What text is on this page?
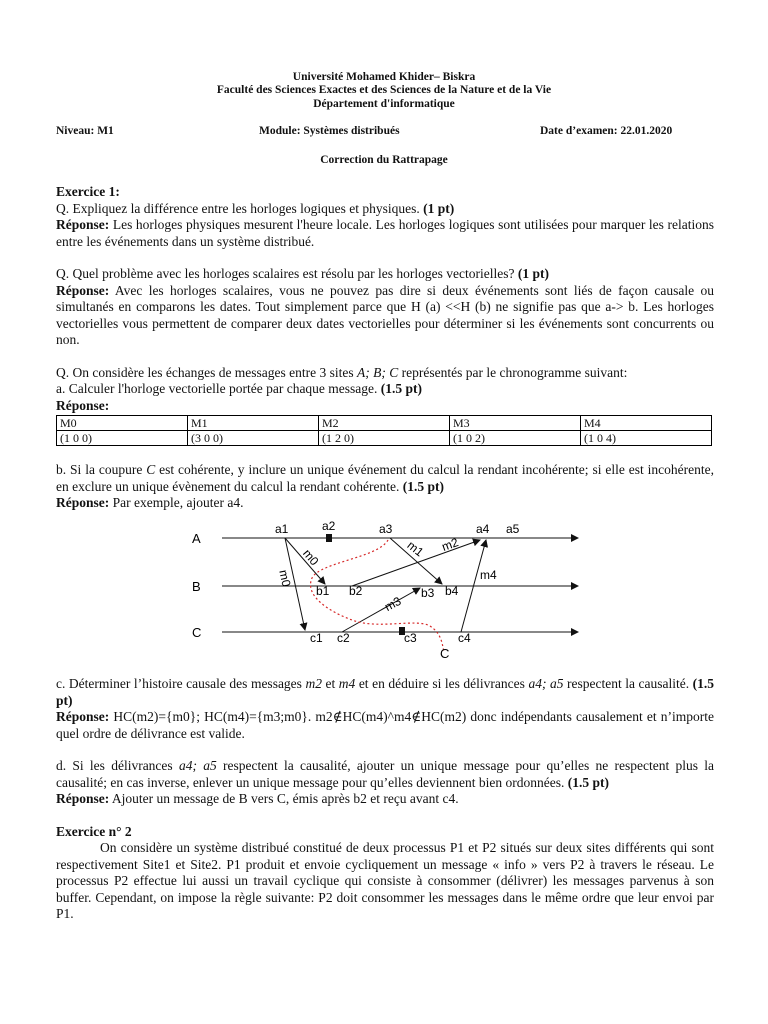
Université Mohamed Khider– Biskra
Faculté des Sciences Exactes et des Sciences de la Nature et de la Vie
Département d'informatique
Niveau: M1	Module: Systèmes distribués	Date d’examen: 22.01.2020
Correction du Rattrapage

Exercice 1:

Q. Expliquez la différence entre les horloges logiques et physiques. (1 pt)

Réponse: Les horloges physiques mesurent l'heure locale. Les horloges logiques sont utilisées pour marquer les relations entre les événements dans un système distribué.

Q. Quel problème avec les horloges scalaires est résolu par les horloges vectorielles? (1 pt)

Réponse: Avec les horloges scalaires, vous ne pouvez pas dire si deux événements sont liés de façon causale ou simultanés en comparons les dates. Tout simplement parce que H (a) <<H (b) ne signifie pas que a-> b. Les horloges vectorielles vous permettent de comparer deux dates vectorielles pour déterminer si les événements sont concurrents ou non.

Q. On considère les échanges de messages entre 3 sites A; B; C représentés par le chronogramme suivant:

a. Calculer l'horloge vectorielle portée par chaque message. (1.5 pt)

Réponse:

M0	M1	M2	M3	M4
(1 0 0)	(3 0 0)	(1 2 0)	(1 0 2)	(1 0 4)

b. Si la coupure C est cohérente, y inclure un unique événement du calcul la rendant incohérente; si elle est incohérente, en exclure un unique évènement du calcul la rendant cohérente. (1.5 pt)

Réponse: Par exemple, ajouter a4.

A
B
C
a1	a2	a3	a4 a5
b1 b2	b3 b4
c1 c2	c3	c4
m0
m0	m1 m2
m3
m4
C

c. Déterminer l’histoire causale des messages m2 et m4 et en déduire si les délivrances a4; a5 respectent la causalité. (1.5 pt)

Réponse: HC(m2)={m0}; HC(m4)={m3;m0}. m2∉HC(m4)^m4∉HC(m2) donc indépendants causalement et n’importe quel ordre de délivrance est valide.

d. Si les délivrances a4; a5 respectent la causalité, ajouter un unique message pour qu’elles ne respectent plus la causalité; en cas inverse, enlever un unique message pour qu’elles deviennent bien ordonnées. (1.5 pt)

Réponse: Ajouter un message de B vers C, émis après b2 et reçu avant c4.

Exercice n° 2

On considère un système distribué constitué de deux processus P1 et P2 situés sur deux sites différents qui sont respectivement Site1 et Site2. P1 produit et envoie cycliquement un message « info » vers P2 à travers le réseau. Le processus P2 effectue lui aussi un travail cyclique qui consiste à consommer (délivrer) les messages parvenus à son buffer. Cependant, on impose la règle suivante: P2 doit consommer les messages dans le même ordre que leur envoi par P1.
